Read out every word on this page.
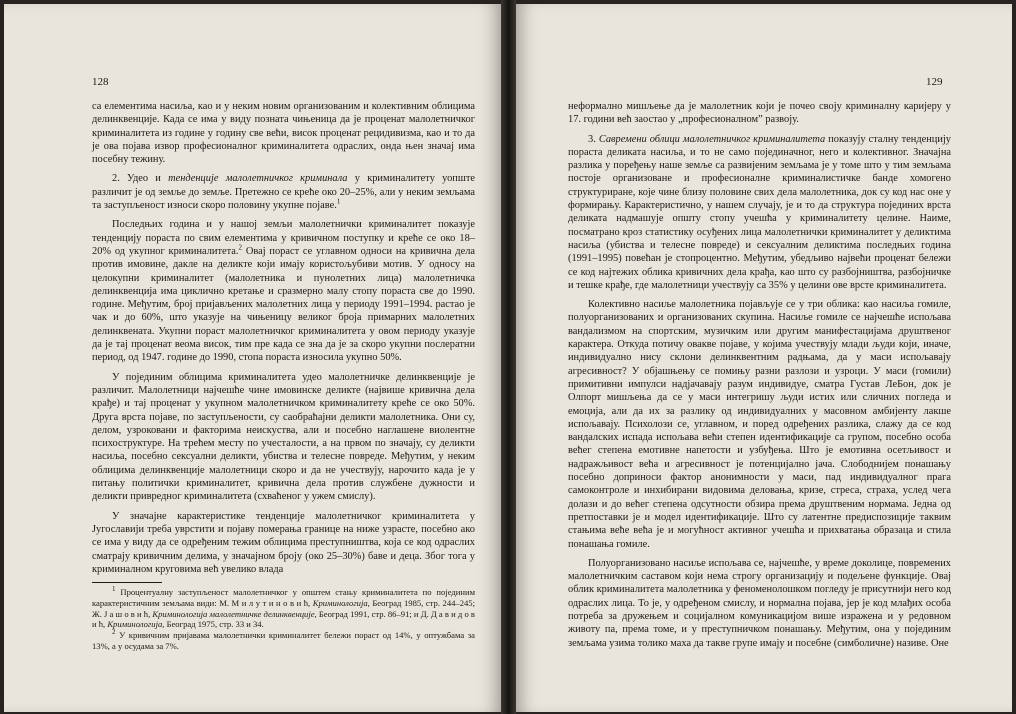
128

са елементима насиља, као и у неким новим организованим и колективним облицима делинквенције. Када се има у виду позната чињеница да је проценат малолетничког криминалитета из године у годину све већи, висок проценат рецидивизма, као и то да је ова појава извор професионалног криминалитета одраслих, онда њен значај има посебну тежину.

2. Удео и тенденције малолетничког криминала у криминалитету уопште различит је од земље до земље. Претежно се креће око 20–25%, али у неким земљама та заступљеност износи скоро половину укупне појаве.$^1$

Последњих година и у нашој земљи малолетнички криминалитет показује тенденцију пораста по свим елементима у кривичном поступку и креће се око 18–20% од укупног криминалитета.$^2$ Овај пораст се углавном односи на кривична дела против имовине, дакле на деликте који имају користољубиви мотив. У односу на целокупни криминалитет (малолетника и пунолетних лица) малолетничка делинквенција има циклично кретање и сразмерно малу стопу пораста све до 1990. године. Међутим, број пријављених малолетних лица у периоду 1991–1994. растао је чак и до 60%, што указује на чињеницу великог броја примарних малолетних делинквената. Укупни пораст малолетничког криминалитета у овом периоду указује да је тај проценат веома висок, тим пре када се зна да је за скоро укупни послератни период, од 1947. године до 1990, стопа пораста износила укупно 50%.

У појединим облицима криминалитета удео малолетничке делинквенције је различит. Малолетници најчешће чине имовинске деликте (највише кривична дела крађе) и тај проценат у укупном малолетничком криминалитету креће се око 50%. Друга врста појаве, по заступљености, су саобраћајни деликти малолетника. Они су, делом, узроковани и факторима неискуства, али и посебно наглашене виолентне психоструктуре. На трећем месту по учесталости, а на првом по значају, су деликти насиља, посебно сексуални деликти, убиства и телесне повреде. Међутим, у неким облицима делинквенције малолетници скоро и да не учествују, нарочито када је у питању политички криминалитет, кривична дела против службене дужности и деликти привредног криминалитета (схваћеног у ужем смислу).

У значајне карактеристике тенденције малолетничког криминалитета у Југославији треба уврстити и појаву померања границе на ниже узрасте, посебно ако се има у виду да се одређеним тежим облицима преступништва, која се код одраслих сматрају кривичним делима, у значајном броју (око 25–30%) баве и деца. Због тога у криминалном круговима већ увелико влада

$^1$ Процентуалну заступљеност малолетничког у општем стању криминалитета по појединим карактеристичним земљама види: М. М и л у т и н о в и ћ, Криминологија, Београд 1985, стр. 244–245; Ж. Ј а ш о в и ћ, Криминологија малолетничке делинквенције, Београд 1991, стр. 86–91; и Д. Д а в и д о в и ћ, Криминологија, Београд 1975, стр. 33 и 34.

$^2$ У кривичним пријавама малолетнички криминалитет бележи пораст од 14%, у оптужбама за 13%, а у осудама за 7%.

129

неформално мишљење да је малолетник који је почео своју криминалну каријеру у 17. години већ заостао у „професионалном” развоју.

3. Савремени облици малолетничког криминалитета показују сталну тенденцију пораста деликата насиља, и то не само појединачног, него и колективног. Значајна разлика у поређењу наше земље са развијеним земљама је у томе што у тим земљама постоје организоване и професионалне криминалистичке банде хомогено структуриране, које чине близу половине свих дела малолетника, док су код нас оне у формирању. Карактеристично, у нашем случају, је и то да структура појединих врста деликата надмашује општу стопу учешћа у криминалитету целине. Наиме, посматрано кроз статистику осуђених лица малолетнички криминалитет у деликтима насиља (убиства и телесне повреде) и сексуалним деликтима последњих година (1991–1995) повећан је стопроцентно. Међутим, убедљиво највећи проценат бележи се код најтежих облика кривичних дела крађа, као што су разбојништва, разбојничке и тешке крађе, где малолетници учествују са 35% у целини ове врсте криминалитета.

Колективно насиље малолетника појављује се у три облика: као насиља гомиле, полуорганизованих и организованих скупина. Насиље гомиле се најчешће испољава вандализмом на спортским, музичким или другим манифестацијама друштвеног карактера. Откуда потичу овакве појаве, у којима учествују млади људи који, иначе, индивидуално нису склони делинквентним радњама, да у маси испољавају агресивност? У објашњењу се помињу разни разлози и узроци. У маси (гомили) примитивни импулси надјачавају разум индивидуе, сматра Густав ЛеБон, док је Олпорт мишљења да се у маси интегришу људи истих или сличних погледа и емоција, али да их за разлику од индивидуалних у масовном амбијенту лакше испољавају. Психолози се, углавном, и поред одређених разлика, слажу да се код вандалских испада испољава већи степен идентификације са групом, посебно особа већег степена емотивне напетости и узбуђења. Што је емотивна осетљивост и надражљивост већа и агресивност је потенцијално јача. Слободнијем понашању посебно доприноси фактор анонимности у маси, пад индивидуалног прага самоконтроле и инхибирани видовима деловања, кризе, стреса, страха, услед чега долази и до већег степена одсутности обзира према друштвеним нормама. Једна од претпоставки је и модел идентификације. Што су латентне предиспозиције таквим стањима веће већа је и могућност активног учешћа и прихватања образаца и стила понашања гомиле.

Полуорганизовано насиље испољава се, најчешће, у време доколице, повремених малолетничким саставом који нема строгу организацију и подељене функције. Овај облик криминалитета малолетника у феноменолошком погледу је присутнији него код одраслих лица. То је, у одређеном смислу, и нормална појава, јер је код млађих особа потреба за дружењем и социјалном комуникацијом више изражена и у редовном животу па, према томе, и у преступничком понашању. Међутим, она у појединим земљама узима толико маха да такве групе имају и посебне (симболичне) називе. Оне
